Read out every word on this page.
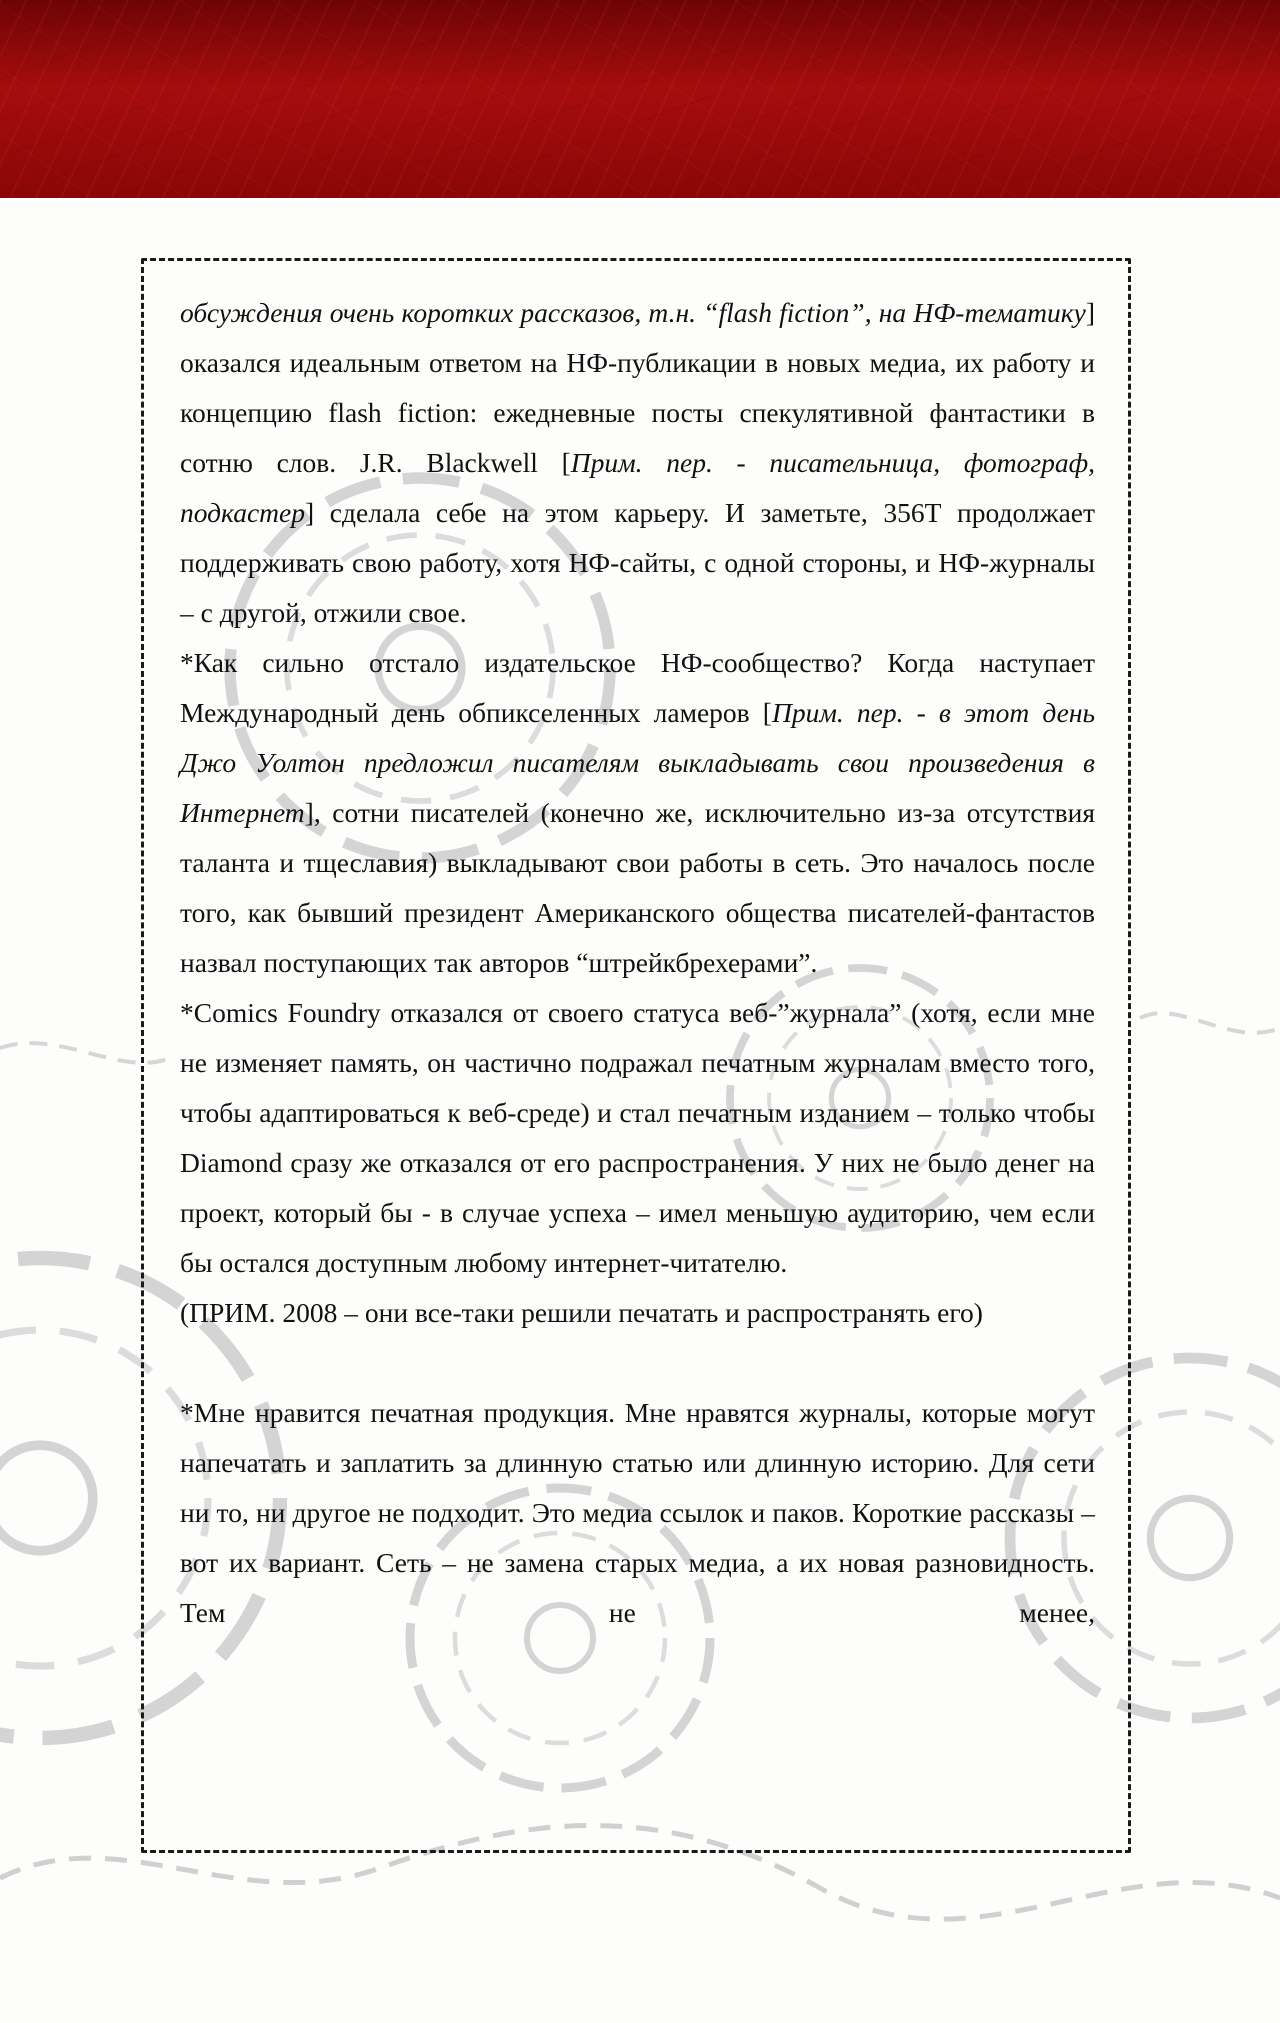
обсуждения очень коротких рассказов, т.н. “flash fiction”, на НФ-тематику] оказался идеальным ответом на НФ-публикации в новых медиа, их работу и концепцию flash fiction: ежедневные посты спекулятивной фантастики в сотню слов. J.R. Blackwell [Прим. пер. - писательница, фотограф, подкастер] сделала себе на этом карьеру. И заметьте, 356Т продолжает поддерживать свою работу, хотя НФ-сайты, с одной стороны, и НФ-журналы – с другой, отжили свое.

*Как сильно отстало издательское НФ-сообщество? Когда наступает Международный день обпикселенных ламеров [Прим. пер. - в этот день Джо Уолтон предложил писателям выкладывать свои произведения в Интернет], сотни писателей (конечно же, исключительно из-за отсутствия таланта и тщеславия) выкладывают свои работы в сеть. Это началось после того, как бывший президент Американского общества писателей-фантастов назвал поступающих так авторов “штрейкбрехерами”.

*Comics Foundry отказался от своего статуса веб-”журнала” (хотя, если мне не изменяет память, он частично подражал печатным журналам вместо того, чтобы адаптироваться к веб-среде) и стал печатным изданием – только чтобы Diamond сразу же отказался от его распространения. У них не было денег на проект, который бы - в случае успеха – имел меньшую аудиторию, чем если бы остался доступным любому интернет-читателю.

(ПРИМ. 2008 – они все-таки решили печатать и распространять его)

*Мне нравится печатная продукция. Мне нравятся журналы, которые могут напечатать и заплатить за длинную статью или длинную историю. Для сети ни то, ни другое не подходит. Это медиа ссылок и паков. Короткие рассказы – вот их вариант. Сеть – не замена старых медиа, а их новая разновидность. Тем не менее,
